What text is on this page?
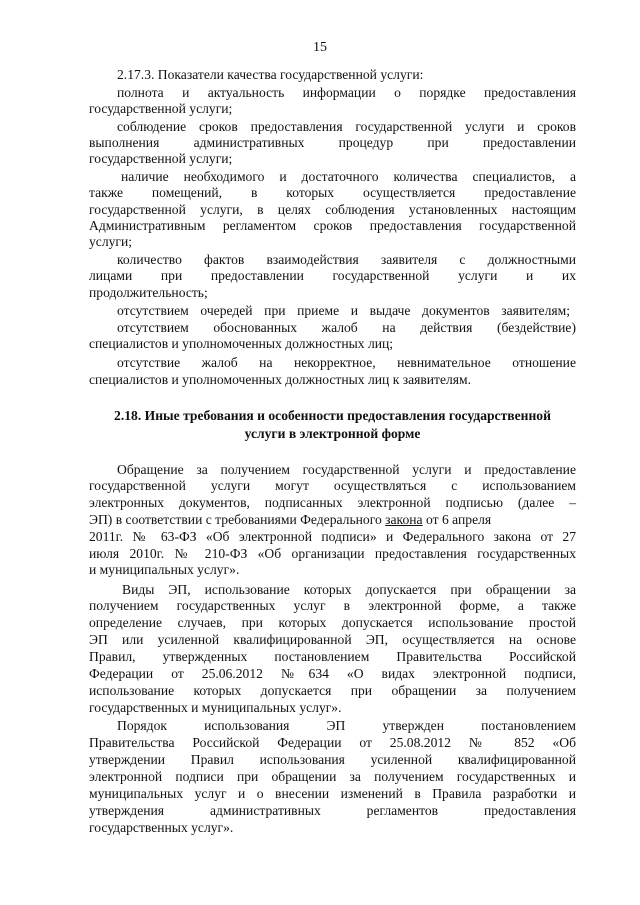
15
2.17.3. Показатели качества государственной услуги:
полнота и актуальность информации о порядке предоставления
государственной услуги;
соблюдение сроков предоставления государственной услуги и сроков
выполнения административных процедур при предоставлении
государственной услуги;
наличие необходимого и достаточного количества специалистов, а
также помещений, в которых осуществляется предоставление
государственной услуги, в целях соблюдения установленных настоящим
Административным регламентом сроков предоставления государственной
услуги;
количество фактов взаимодействия заявителя с должностными
лицами при предоставлении государственной услуги и их
продолжительность;
отсутствием очередей при приеме и выдаче документов заявителям;
отсутствием обоснованных жалоб на действия (бездействие)
специалистов и уполномоченных должностных лиц;
отсутствие жалоб на некорректное, невнимательное отношение
специалистов и уполномоченных должностных лиц к заявителям.
2.18. Иные требования и особенности предоставления государственной
услуги в электронной форме
Обращение за получением государственной услуги и предоставление
государственной услуги могут осуществляться с использованием
электронных документов, подписанных электронной подписью (далее –
ЭП) в соответствии с требованиями Федерального закона от 6 апреля
2011г. № 63-ФЗ «Об электронной подписи» и Федерального закона от 27
июля 2010г. № 210-ФЗ «Об организации предоставления государственных
и муниципальных услуг».
Виды ЭП, использование которых допускается при обращении за
получением государственных услуг в электронной форме, а также
определение случаев, при которых допускается использование простой
ЭП или усиленной квалифицированной ЭП, осуществляется на основе
Правил, утвержденных постановлением Правительства Российской
Федерации от 25.06.2012 №634 «О видах электронной подписи,
использование которых допускается при обращении за получением
государственных и муниципальных услуг».
Порядок использования ЭП утвержден постановлением
Правительства Российской Федерации от 25.08.2012 № 852 «Об
утверждении Правил использования усиленной квалифицированной
электронной подписи при обращении за получением государственных и
муниципальных услуг и о внесении изменений в Правила разработки и
утверждения административных регламентов предоставления
государственных услуг».
